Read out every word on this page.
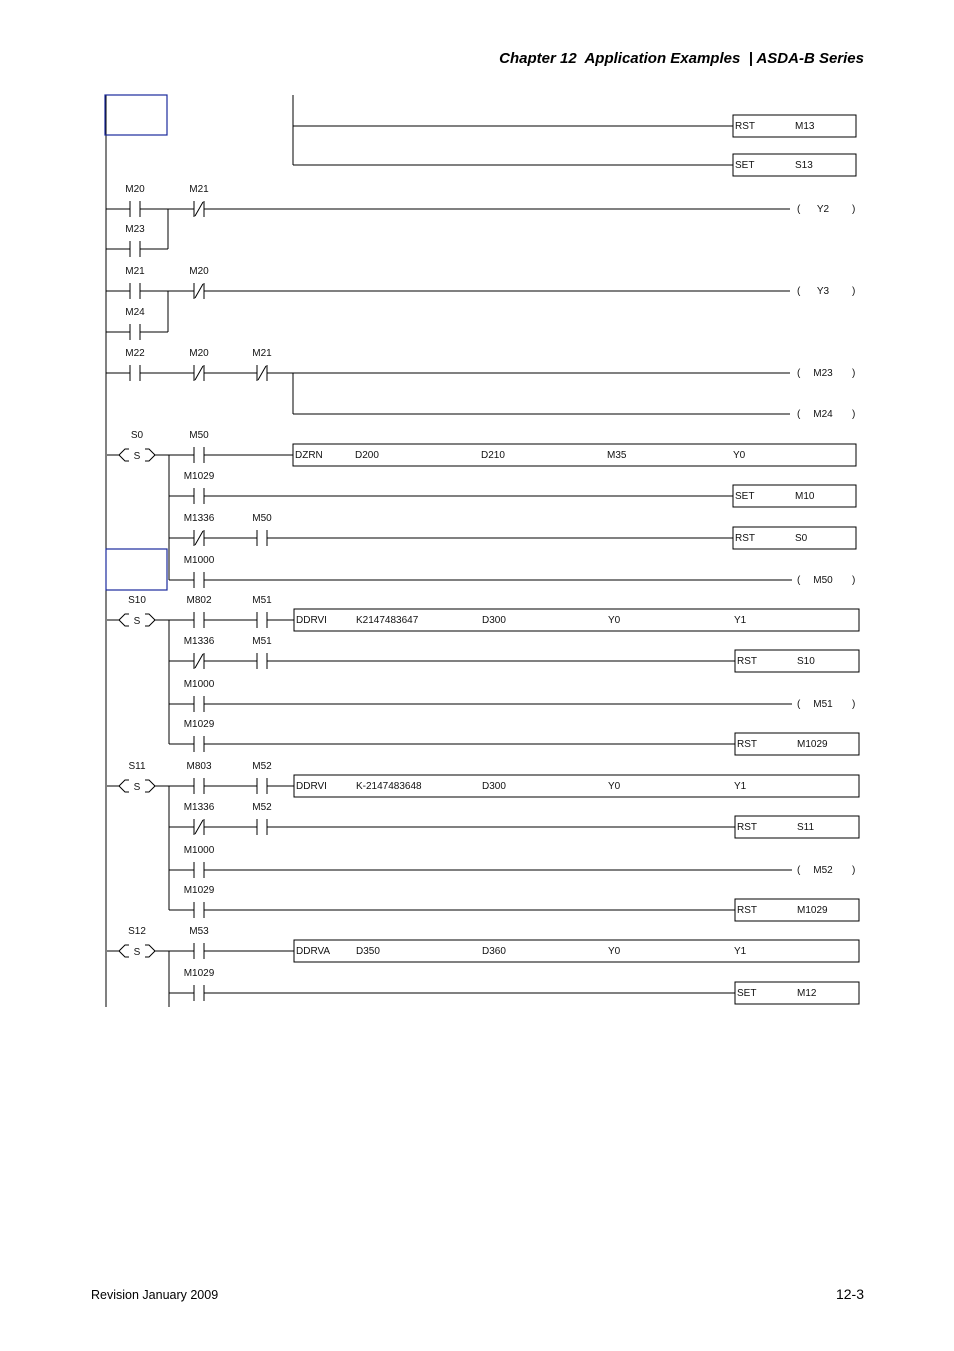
Chapter 12  Application Examples  | ASDA-B Series
RST	M13
SET	S13
M20	M21
( Y2 )
M23
M21	M20
( Y3 )
M24
M22	M20	M21
( M23 )
( M24 )
S
S0	M50
DZRN	D200	D210	M35	Y0
M1029
SET	M10
M1336	M50
RST	S0
M1000
( M50 )
S
S10	M802	M51
DDRVI	K2147483647	D300	Y0	Y1
M1336	M51
RST	S10
M1000
( M51 )
M1029
RST	M1029
S
S11	M803	M52
DDRVI	K-2147483648	D300	Y0	Y1
M1336	M52
RST	S11
M1000
( M52 )
M1029
RST	M1029
S
S12	M53
DDRVA	D350	D360	Y0	Y1
M1029
SET	M12
Revision January 2009	12-3
